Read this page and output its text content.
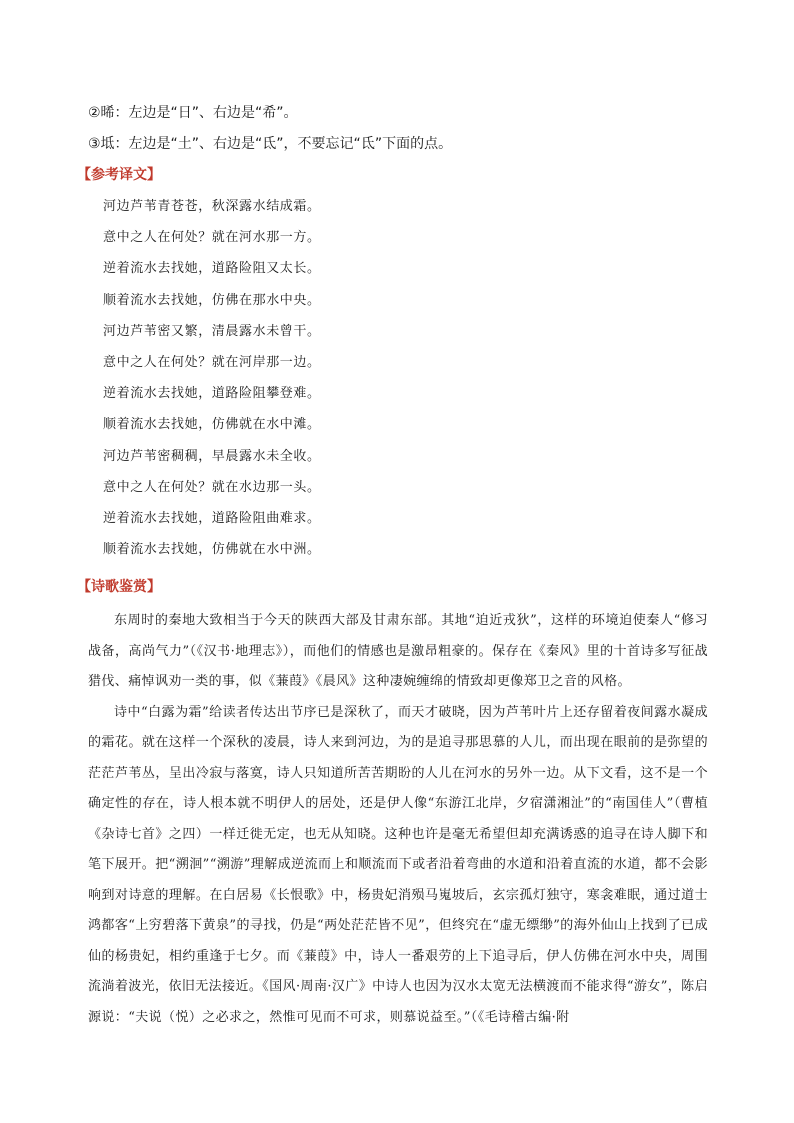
②晞：左边是“日”、右边是“希”。
③坻：左边是“土”、右边是“氐”，不要忘记“氐”下面的点。
【参考译文】
河边芦苇青苍苍，秋深露水结成霜。
意中之人在何处？就在河水那一方。
逆着流水去找她，道路险阻又太长。
顺着流水去找她，仿佛在那水中央。
河边芦苇密又繁，清晨露水未曾干。
意中之人在何处？就在河岸那一边。
逆着流水去找她，道路险阻攀登难。
顺着流水去找她，仿佛就在水中滩。
河边芦苇密稠稠，早晨露水未全收。
意中之人在何处？就在水边那一头。
逆着流水去找她，道路险阻曲难求。
顺着流水去找她，仿佛就在水中洲。
【诗歌鉴赏】

东周时的秦地大致相当于今天的陕西大部及甘肃东部。其地“迫近戎狄”，这样的环境迫使秦人“修习战备，高尚气力”（《汉书·地理志》），而他们的情感也是激昂粗豪的。保存在《秦风》里的十首诗多写征战猎伐、痛悼讽劝一类的事，似《蒹葭》《晨风》这种凄婉缠绵的情致却更像郑卫之音的风格。

诗中“白露为霜”给读者传达出节序已是深秋了，而天才破晓，因为芦苇叶片上还存留着夜间露水凝成的霜花。就在这样一个深秋的凌晨，诗人来到河边，为的是追寻那思慕的人儿，而出现在眼前的是弥望的茫茫芦苇丛，呈出冷寂与落寞，诗人只知道所苦苦期盼的人儿在河水的另外一边。从下文看，这不是一个确定性的存在，诗人根本就不明伊人的居处，还是伊人像“东游江北岸，夕宿潇湘沚”的“南国佳人”（曹植《杂诗七首》之四）一样迁徙无定，也无从知晓。这种也许是毫无希望但却充满诱惑的追寻在诗人脚下和笔下展开。把“溯洄”“溯游”理解成逆流而上和顺流而下或者沿着弯曲的水道和沿着直流的水道，都不会影响到对诗意的理解。在白居易《长恨歌》中，杨贵妃消殒马嵬坡后，玄宗孤灯独守，寒衾难眠，通过道士鸿都客“上穷碧落下黄泉”的寻找，仍是“两处茫茫皆不见”，但终究在“虚无缥缈”的海外仙山上找到了已成仙的杨贵妃，相约重逢于七夕。而《蒹葭》中，诗人一番艰劳的上下追寻后，伊人仿佛在河水中央，周围流淌着波光，依旧无法接近。《国风·周南·汉广》中诗人也因为汉水太宽无法横渡而不能求得“游女”，陈启源说：“夫说（悦）之必求之，然惟可见而不可求，则慕说益至。”（《毛诗稽古编·附
